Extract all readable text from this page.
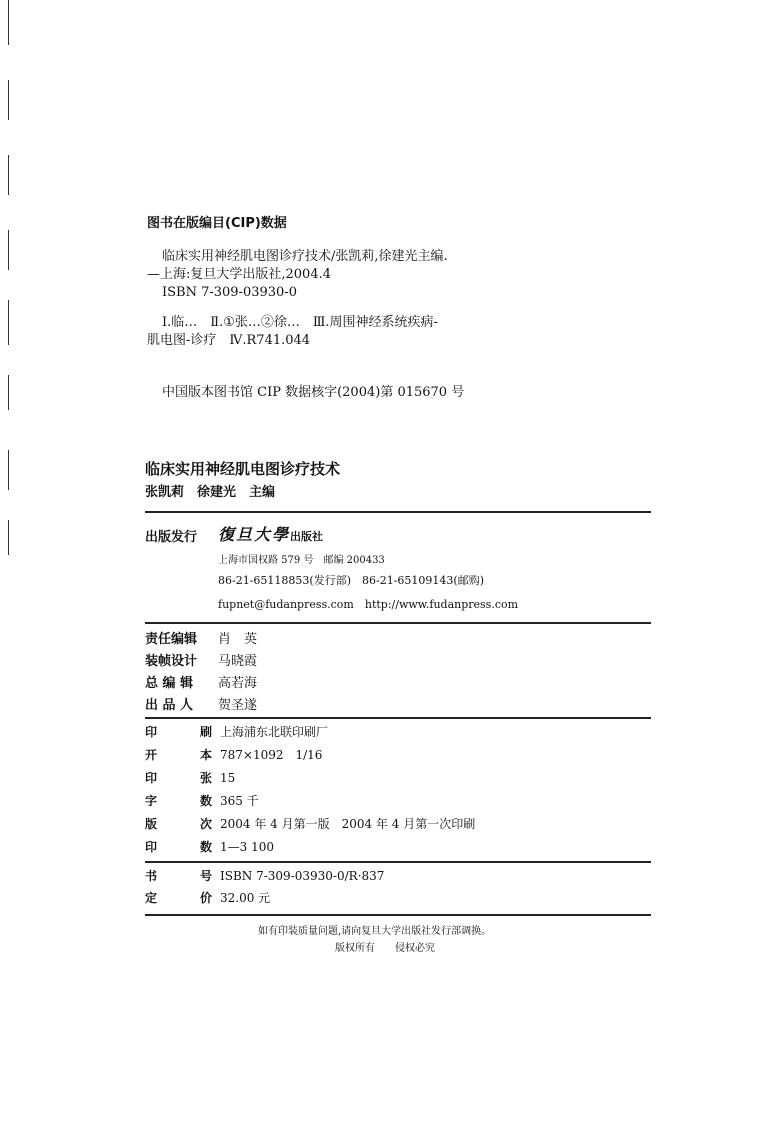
图书在版编目(CIP)数据
临床实用神经肌电图诊疗技术/张凯莉,徐建光主编.
—上海:复旦大学出版社,2004.4
ISBN 7-309-03930-0
Ⅰ.临…　Ⅱ.①张…②徐…　Ⅲ.周围神经系统疾病-
肌电图-诊疗　Ⅳ.R741.044
中国版本图书馆 CIP 数据核字(2004)第 015670 号
临床实用神经肌电图诊疗技术
张凯莉　徐建光　主编
出版发行 復旦大學出版社
上海市国权路 579 号　邮编 200433
86-21-65118853(发行部)　86-21-65109143(邮购)
fupnet@fudanpress.com　http://www.fudanpress.com
责任编辑 肖　英
装帧设计 马晓霞
总 编 辑 高若海
出 品 人 贺圣遂
印	刷 上海浦东北联印刷厂
开	本 787×1092　1/16
印	张 15
字	数 365 千
版	次 2004 年 4 月第一版　2004 年 4 月第一次印刷
印	数 1—3 100
书	号 ISBN 7-309-03930-0/R·837
定	价 32.00 元
如有印装质量问题,请向复旦大学出版社发行部调换。
版权所有　　侵权必究
